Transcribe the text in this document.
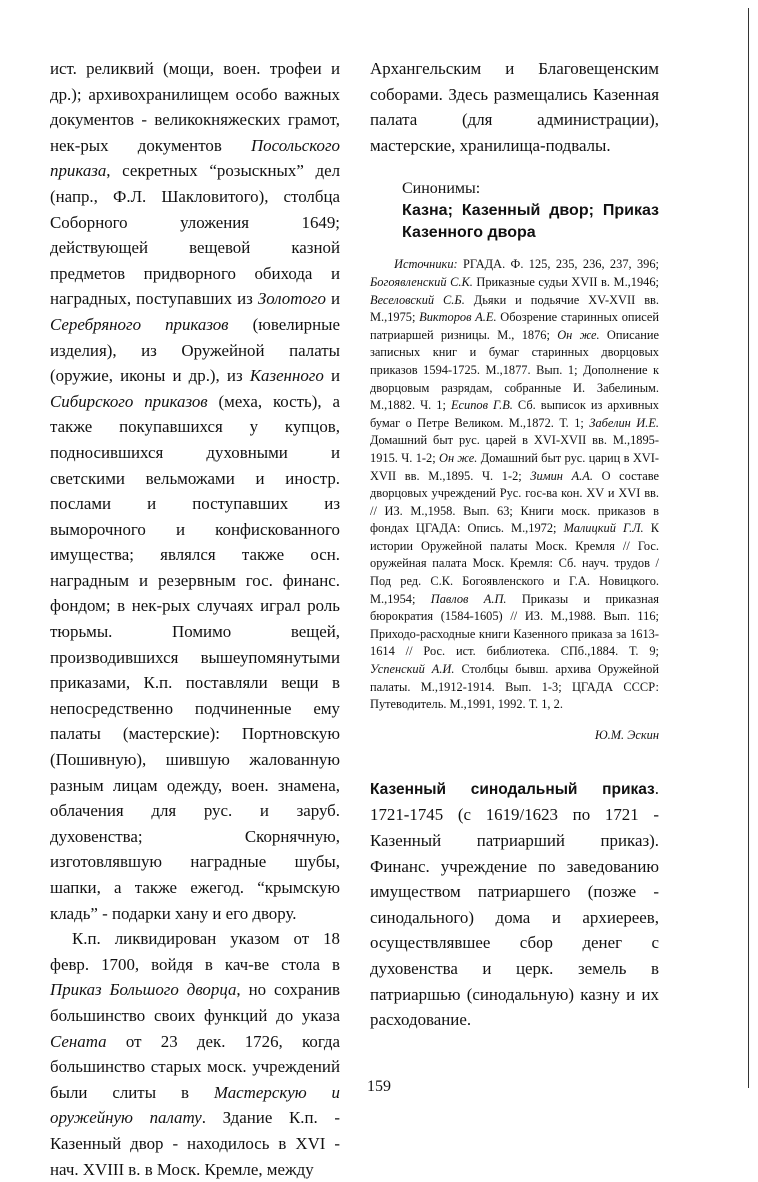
ист. реликвий (мощи, воен. трофеи и др.); архивохранилищем особо важных документов - великокняжеских грамот, нек-рых документов Посольского приказа, секретных “розыскных” дел (напр., Ф.Л. Шакловитого), столбца Соборного уложения 1649; действующей вещевой казной предметов придворного обихода и наградных, поступавших из Золотого и Серебряного приказов (ювелирные изделия), из Оружейной палаты (оружие, иконы и др.), из Казенного и Сибирского приказов (меха, кость), а также покупавшихся у купцов, подносившихся духовными и светскими вельможами и иностр. послами и поступавших из выморочного и конфискованного имущества; являлся также осн. наградным и резервным гос. финанс. фондом; в нек-рых случаях играл роль тюрьмы. Помимо вещей, производившихся вышеупомянутыми приказами, К.п. поставляли вещи в непосредственно подчиненные ему палаты (мастерские): Портновскую (Пошивную), шившую жалованную разным лицам одежду, воен. знамена, облачения для рус. и заруб. духовенства; Скорнячную, изготовлявшую наградные шубы, шапки, а также ежегод. “крымскую кладь” - подарки хану и его двору.

К.п. ликвидирован указом от 18 февр. 1700, войдя в кач-ве стола в Приказ Большого дворца, но сохранив большинство своих функций до указа Сената от 23 дек. 1726, когда большинство старых моск. учреждений были слиты в Мастерскую и оружейную палату. Здание К.п. - Казенный двор - находилось в XVI - нач. XVIII в. в Моск. Кремле, между

Архангельским и Благовещенским соборами. Здесь размещались Казенная палата (для администрации), мастерские, хранилища-подвалы.

Синонимы:
Казна; Казенный двор; Приказ Казенного двора

Источники: РГАДА. Ф. 125, 235, 236, 237, 396; Богоявленский С.К. Приказные судьи XVII в. М.,1946; Веселовский С.Б. Дьяки и подьячие XV-XVII вв. М.,1975; Викторов А.Е. Обозрение старинных описей патриаршей ризницы. М., 1876; Он же. Описание записных книг и бумаг старинных дворцовых приказов 1594-1725. М.,1877. Вып. 1; Дополнение к дворцовым разрядам, собранные И. Забелиным. М.,1882. Ч. 1; Есипов Г.В. Сб. выписок из архивных бумаг о Петре Великом. М.,1872. Т. 1; Забелин И.Е. Домашний быт рус. царей в XVI-XVII вв. М.,1895-1915. Ч. 1-2; Он же. Домашний быт рус. цариц в XVI-XVII вв. М.,1895. Ч. 1-2; Зимин А.А. О составе дворцовых учреждений Рус. гос-ва кон. XV и XVI вв. // ИЗ. М.,1958. Вып. 63; Книги моск. приказов в фондах ЦГАДА: Опись. М.,1972; Малицкий Г.Л. К истории Оружейной палаты Моск. Кремля // Гос. оружейная палата Моск. Кремля: Сб. науч. трудов / Под ред. С.К. Богоявленского и Г.А. Новицкого. М.,1954; Павлов А.П. Приказы и приказная бюрократия (1584-1605) // ИЗ. М.,1988. Вып. 116; Приходо-расходные книги Казенного приказа за 1613-1614 // Рос. ист. библиотека. СПб.,1884. Т. 9; Успенский А.И. Столбцы бывш. архива Оружейной палаты. М.,1912-1914. Вып. 1-3; ЦГАДА СССР: Путеводитель. М.,1991, 1992. Т. 1, 2.

Ю.М. Эскин

Казенный синодальный приказ. 1721-1745 (с 1619/1623 по 1721 - Казенный патриарший приказ). Финанс. учреждение по заведованию имуществом патриаршего (позже - синодального) дома и архиереев, осуществлявшее сбор денег с духовенства и церк. земель в патриаршью (синодальную) казну и их расходование.

159
